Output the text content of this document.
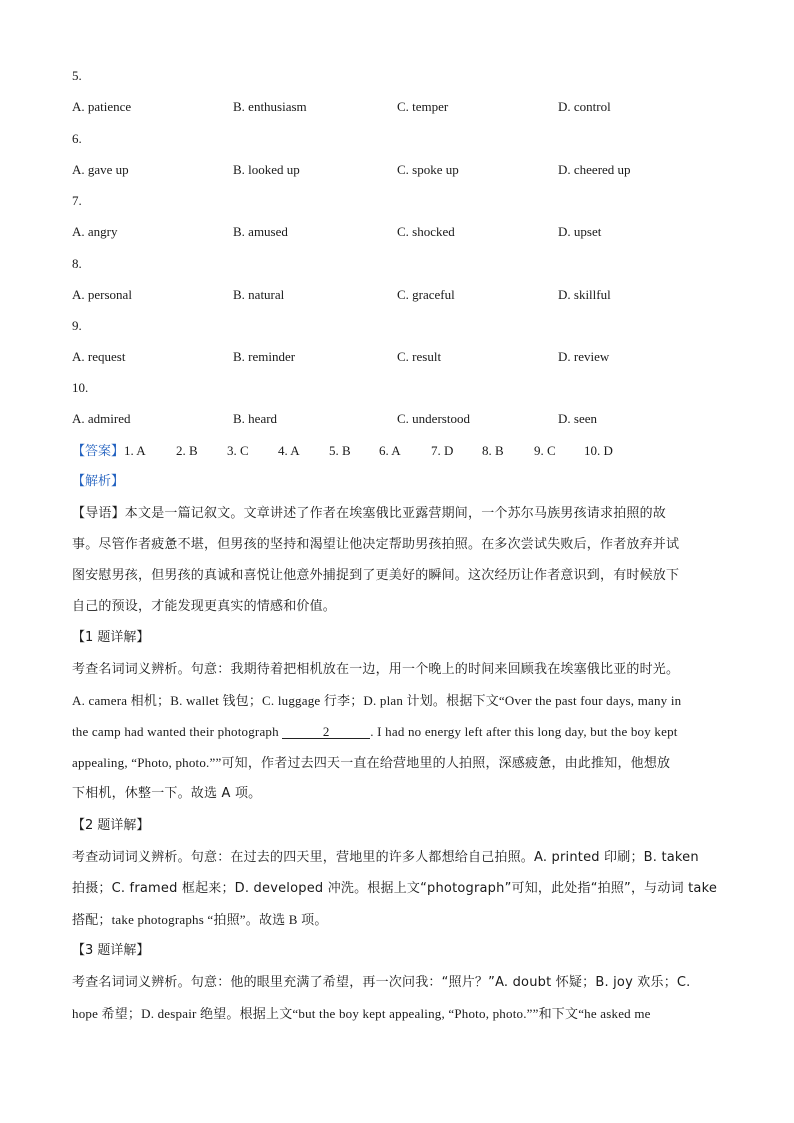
5.
A. patience	B. enthusiasm	C. temper	D. control
6.
A. gave up	B. looked up	C. spoke up	D. cheered up
7.
A. angry	B. amused	C. shocked	D. upset
8.
A. personal	B. natural	C. graceful	D. skillful
9.
A. request	B. reminder	C. result	D. review
10.
A. admired	B. heard	C. understood	D. seen
【答案】1. A 2. B 3. C 4. A 5. B 6. A 7. D 8. B 9. C 10. D
【解析】
【导语】本文是一篇记叙文。文章讲述了作者在埃塞俄比亚露营期间，一个苏尔马族男孩请求拍照的故
事。尽管作者疲惫不堪，但男孩的坚持和渴望让他决定帮助男孩拍照。在多次尝试失败后，作者放弃并试
图安慰男孩，但男孩的真诚和喜悦让他意外捕捉到了更美好的瞬间。这次经历让作者意识到，有时候放下
自己的预设，才能发现更真实的情感和价值。
【1 题详解】
考查名词词义辨析。句意：我期待着把相机放在一边，用一个晚上的时间来回顾我在埃塞俄比亚的时光。
A. camera 相机；B. wallet 钱包；C. luggage 行李；D. plan 计划。根据下文“Over the past four days, many in
the camp had wanted their photograph	2	. I had no energy left after this long day, but the boy kept
appealing, “Photo, photo.””可知，作者过去四天一直在给营地里的人拍照，深感疲惫，由此推知，他想放
下相机，休整一下。故选 A 项。
【2 题详解】
考查动词词义辨析。句意：在过去的四天里，营地里的许多人都想给自己拍照。A. printed 印刷；B. taken
拍摄；C. framed 框起来；D. developed 冲洗。根据上文“photograph”可知，此处指“拍照”，与动词 take
搭配；take photographs “拍照”。故选 B 项。
【3 题详解】
考查名词词义辨析。句意：他的眼里充满了希望，再一次问我：“照片？”A. doubt 怀疑；B. joy 欢乐；C.
hope 希望；D. despair 绝望。根据上文“but the boy kept appealing, “Photo, photo.””和下文“he asked me
